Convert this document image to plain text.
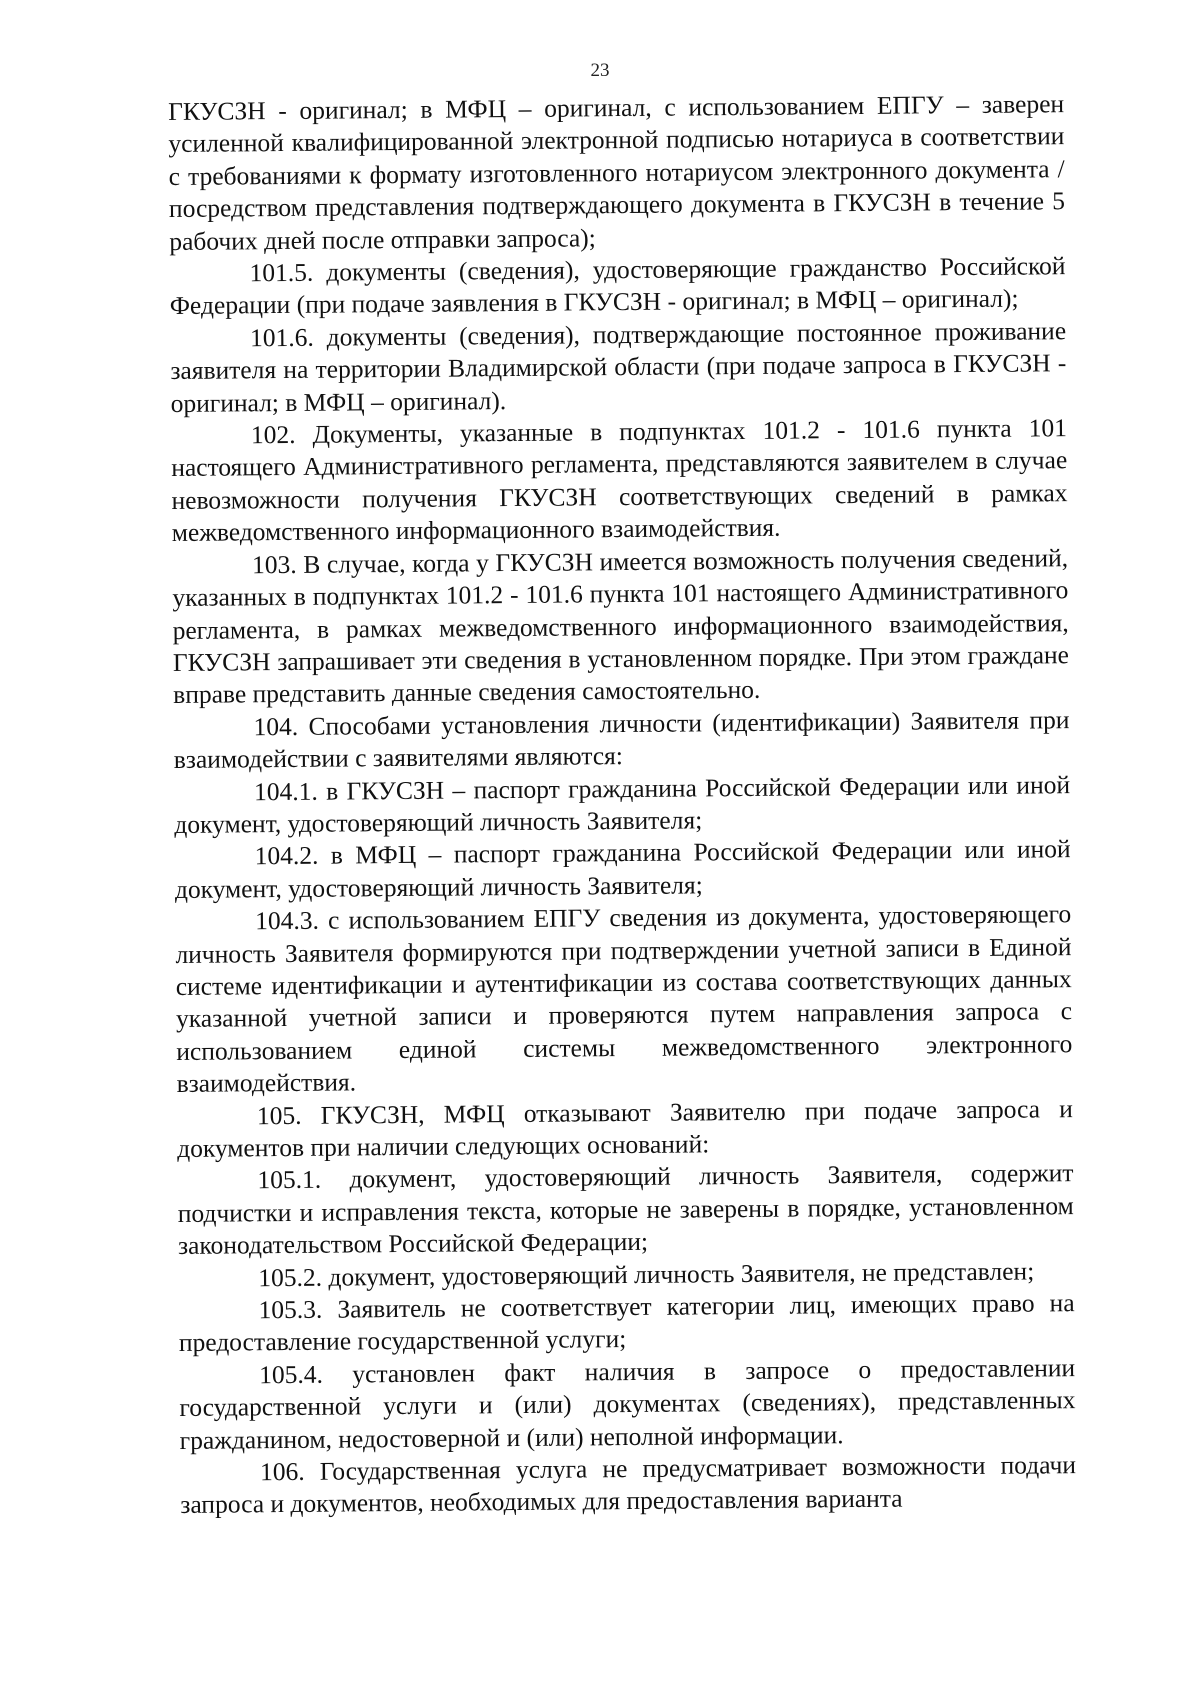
23

ГКУСЗН - оригинал; в МФЦ – оригинал, с использованием ЕПГУ – заверен усиленной квалифицированной электронной подписью нотариуса в соответствии с требованиями к формату изготовленного нотариусом электронного документа / посредством представления подтверждающего документа в ГКУСЗН в течение 5 рабочих дней после отправки запроса);

101.5. документы (сведения), удостоверяющие гражданство Российской Федерации (при подаче заявления в ГКУСЗН - оригинал; в МФЦ – оригинал);

101.6. документы (сведения), подтверждающие постоянное проживание заявителя на территории Владимирской области (при подаче запроса в ГКУСЗН - оригинал; в МФЦ – оригинал).

102. Документы, указанные в подпунктах 101.2 - 101.6 пункта 101 настоящего Административного регламента, представляются заявителем в случае невозможности получения ГКУСЗН соответствующих сведений в рамках межведомственного информационного взаимодействия.

103. В случае, когда у ГКУСЗН имеется возможность получения сведений, указанных в подпунктах 101.2 - 101.6 пункта 101 настоящего Административного регламента, в рамках межведомственного информационного взаимодействия, ГКУСЗН запрашивает эти сведения в установленном порядке. При этом граждане вправе представить данные сведения самостоятельно.

104. Способами установления личности (идентификации) Заявителя при взаимодействии с заявителями являются:

104.1. в ГКУСЗН – паспорт гражданина Российской Федерации или иной документ, удостоверяющий личность Заявителя;

104.2. в МФЦ – паспорт гражданина Российской Федерации или иной документ, удостоверяющий личность Заявителя;

104.3. с использованием ЕПГУ сведения из документа, удостоверяющего личность Заявителя формируются при подтверждении учетной записи в Единой системе идентификации и аутентификации из состава соответствующих данных указанной учетной записи и проверяются путем направления запроса с использованием единой системы межведомственного электронного взаимодействия.

105. ГКУСЗН, МФЦ отказывают Заявителю при подаче запроса и документов при наличии следующих оснований:

105.1. документ, удостоверяющий личность Заявителя, содержит подчистки и исправления текста, которые не заверены в порядке, установленном законодательством Российской Федерации;

105.2. документ, удостоверяющий личность Заявителя, не представлен;

105.3. Заявитель не соответствует категории лиц, имеющих право на предоставление государственной услуги;

105.4. установлен факт наличия в запросе о предоставлении государственной услуги и (или) документах (сведениях), представленных гражданином, недостоверной и (или) неполной информации.

106. Государственная услуга не предусматривает возможности подачи запроса и документов, необходимых для предоставления варианта
